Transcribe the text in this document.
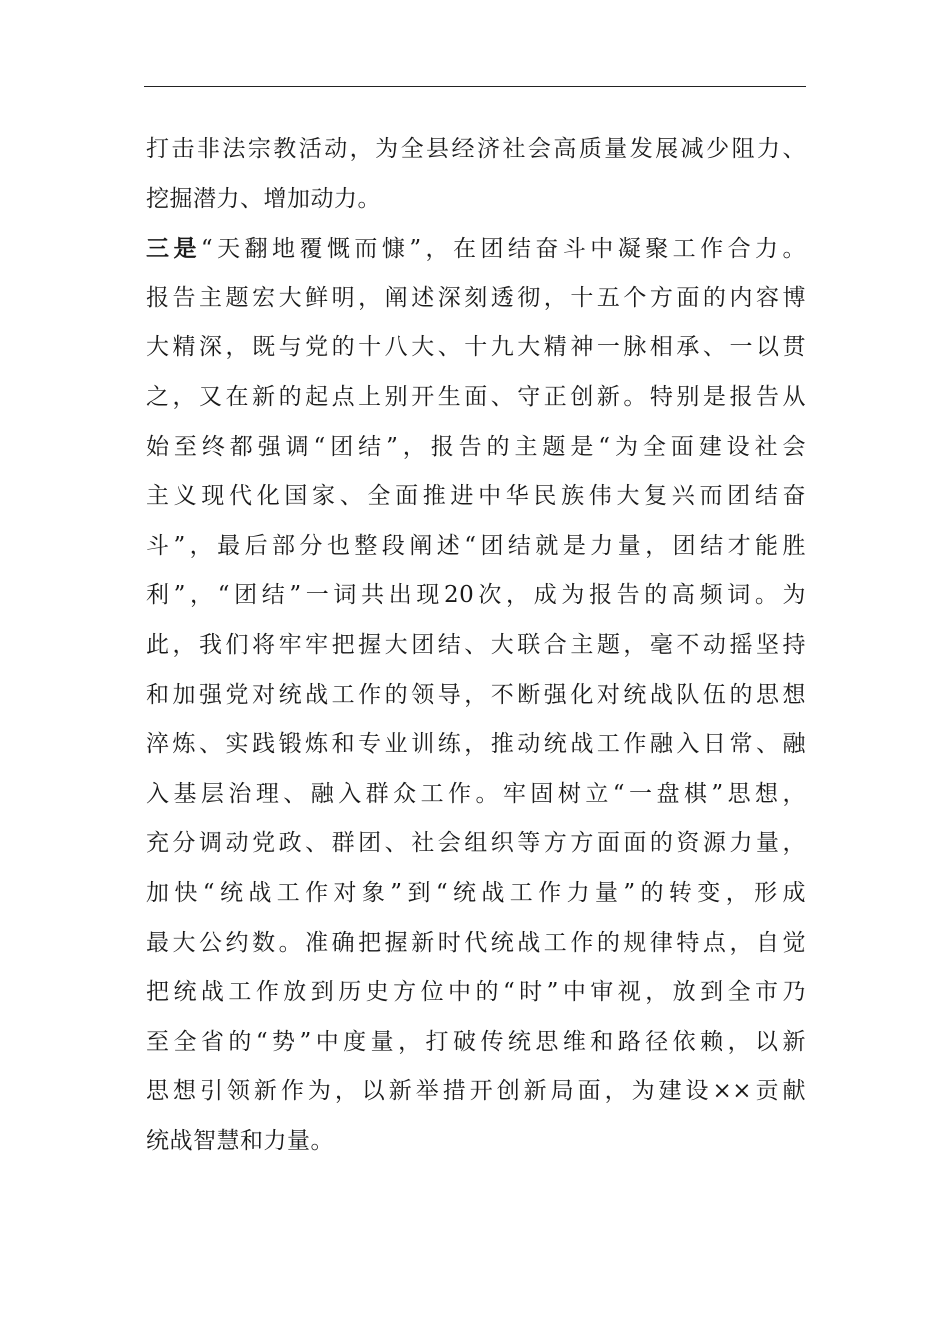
打击非法宗教活动，为全县经济社会高质量发展减少阻力、
挖掘潜力、增加动力。
三是“天翻地覆慨而慷”，在团结奋斗中凝聚工作合力。
报告主题宏大鲜明，阐述深刻透彻，十五个方面的内容博
大精深，既与党的十八大、十九大精神一脉相承、一以贯
之，又在新的起点上别开生面、守正创新。特别是报告从
始至终都强调“团结”，报告的主题是“为全面建设社会
主义现代化国家、全面推进中华民族伟大复兴而团结奋
斗”，最后部分也整段阐述“团结就是力量，团结才能胜
利”，“团结”一词共出现20次，成为报告的高频词。为
此，我们将牢牢把握大团结、大联合主题，毫不动摇坚持
和加强党对统战工作的领导，不断强化对统战队伍的思想
淬炼、实践锻炼和专业训练，推动统战工作融入日常、融
入基层治理、融入群众工作。牢固树立“一盘棋”思想，
充分调动党政、群团、社会组织等方方面面的资源力量，
加快“统战工作对象”到“统战工作力量”的转变，形成
最大公约数。准确把握新时代统战工作的规律特点，自觉
把统战工作放到历史方位中的“时”中审视，放到全市乃
至全省的“势”中度量，打破传统思维和路径依赖，以新
思想引领新作为，以新举措开创新局面，为建设××贡献
统战智慧和力量。
